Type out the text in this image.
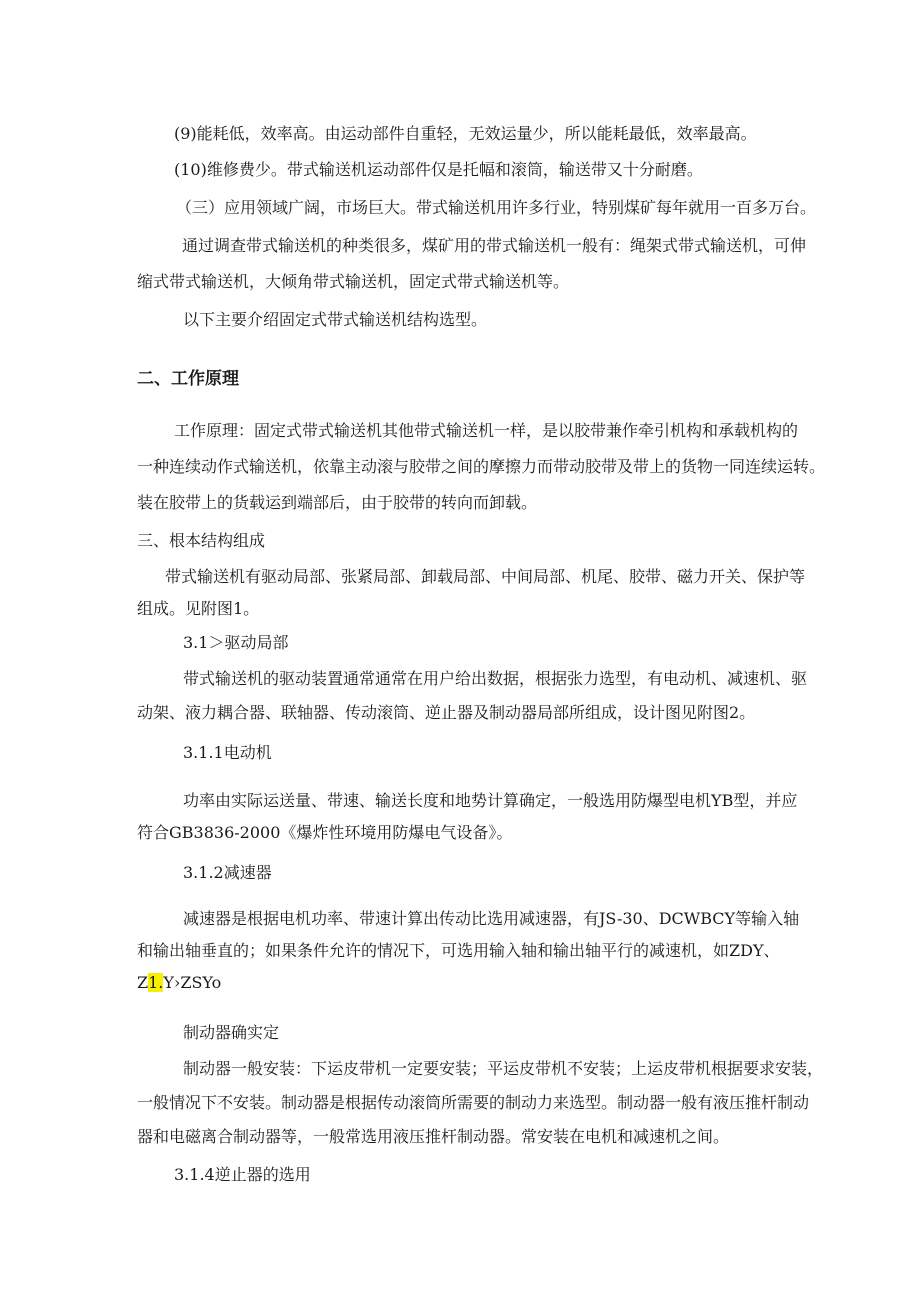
(9)能耗低，效率高。由运动部件自重轻，无效运量少，所以能耗最低，效率最高。
(10)维修费少。带式输送机运动部件仅是托幅和滚筒，输送带又十分耐磨。
（三）应用领域广阔，市场巨大。带式输送机用许多行业，特别煤矿每年就用一百多万台。
通过调查带式输送机的种类很多，煤矿用的带式输送机一般有：绳架式带式输送机，可伸
缩式带式输送机，大倾角带式输送机，固定式带式输送机等。
以下主要介绍固定式带式输送机结构选型。
二、工作原理
工作原理：固定式带式输送机其他带式输送机一样，是以胶带兼作牵引机构和承载机构的
一种连续动作式输送机，依靠主动滚与胶带之间的摩擦力而带动胶带及带上的货物一同连续运转。
装在胶带上的货载运到端部后，由于胶带的转向而卸载。
三、根本结构组成
带式输送机有驱动局部、张紧局部、卸载局部、中间局部、机尾、胶带、磁力开关、保护等
组成。见附图1。
3.1＞驱动局部
带式输送机的驱动装置通常通常在用户给出数据，根据张力选型，有电动机、减速机、驱
动架、液力耦合器、联轴器、传动滚筒、逆止器及制动器局部所组成，设计图见附图2。
3.1.1电动机
功率由实际运送量、带速、输送长度和地势计算确定，一般选用防爆型电机YB型，并应
符合GB3836-2000《爆炸性环境用防爆电气设备》。
3.1.2减速器
减速器是根据电机功率、带速计算出传动比选用减速器，有JS-30、DCWBCY等输入轴
和输出轴垂直的；如果条件允许的情况下，可选用输入轴和输出轴平行的减速机，如ZDY、
Z1.Y›ZSYo
制动器确实定
制动器一般安装：下运皮带机一定要安装；平运皮带机不安装；上运皮带机根据要求安装，
一般情况下不安装。制动器是根据传动滚筒所需要的制动力来选型。制动器一般有液压推杆制动
器和电磁离合制动器等，一般常选用液压推杆制动器。常安装在电机和减速机之间。
3.1.4逆止器的选用
